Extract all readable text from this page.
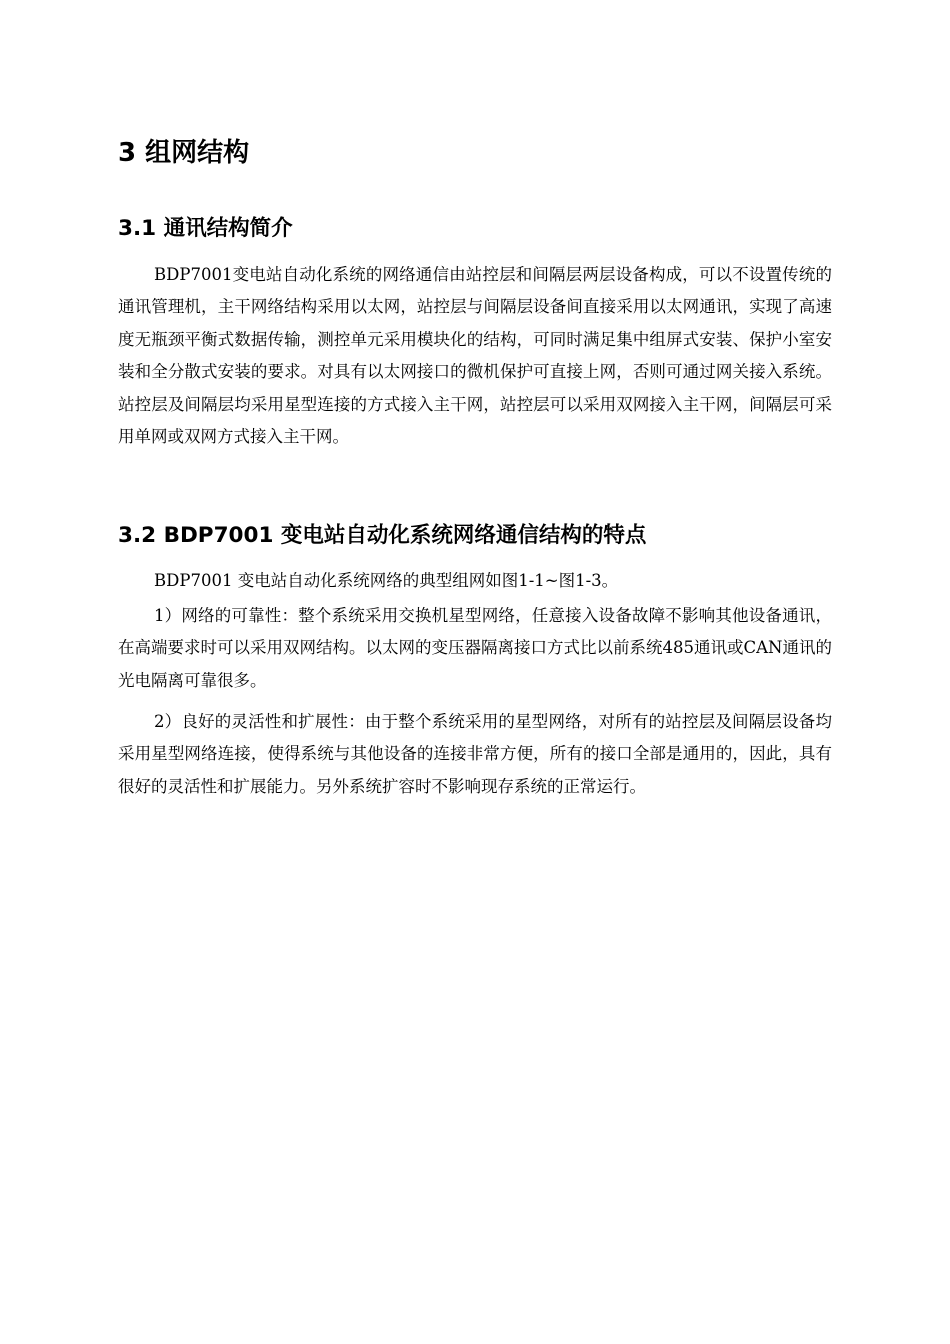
3 组网结构
3.1 通讯结构简介

BDP7001变电站自动化系统的网络通信由站控层和间隔层两层设备构成，可以不设置传统的通讯管理机，主干网络结构采用以太网，站控层与间隔层设备间直接采用以太网通讯，实现了高速度无瓶颈平衡式数据传输，测控单元采用模块化的结构，可同时满足集中组屏式安装、保护小室安装和全分散式安装的要求。对具有以太网接口的微机保护可直接上网，否则可通过网关接入系统。站控层及间隔层均采用星型连接的方式接入主干网，站控层可以采用双网接入主干网，间隔层可采用单网或双网方式接入主干网。

3.2 BDP7001 变电站自动化系统网络通信结构的特点

BDP7001 变电站自动化系统网络的典型组网如图1-1~图1-3。

1）网络的可靠性：整个系统采用交换机星型网络，任意接入设备故障不影响其他设备通讯，在高端要求时可以采用双网结构。以太网的变压器隔离接口方式比以前系统485通讯或CAN通讯的光电隔离可靠很多。

2）良好的灵活性和扩展性：由于整个系统采用的星型网络，对所有的站控层及间隔层设备均采用星型网络连接，使得系统与其他设备的连接非常方便，所有的接口全部是通用的，因此，具有很好的灵活性和扩展能力。另外系统扩容时不影响现存系统的正常运行。
